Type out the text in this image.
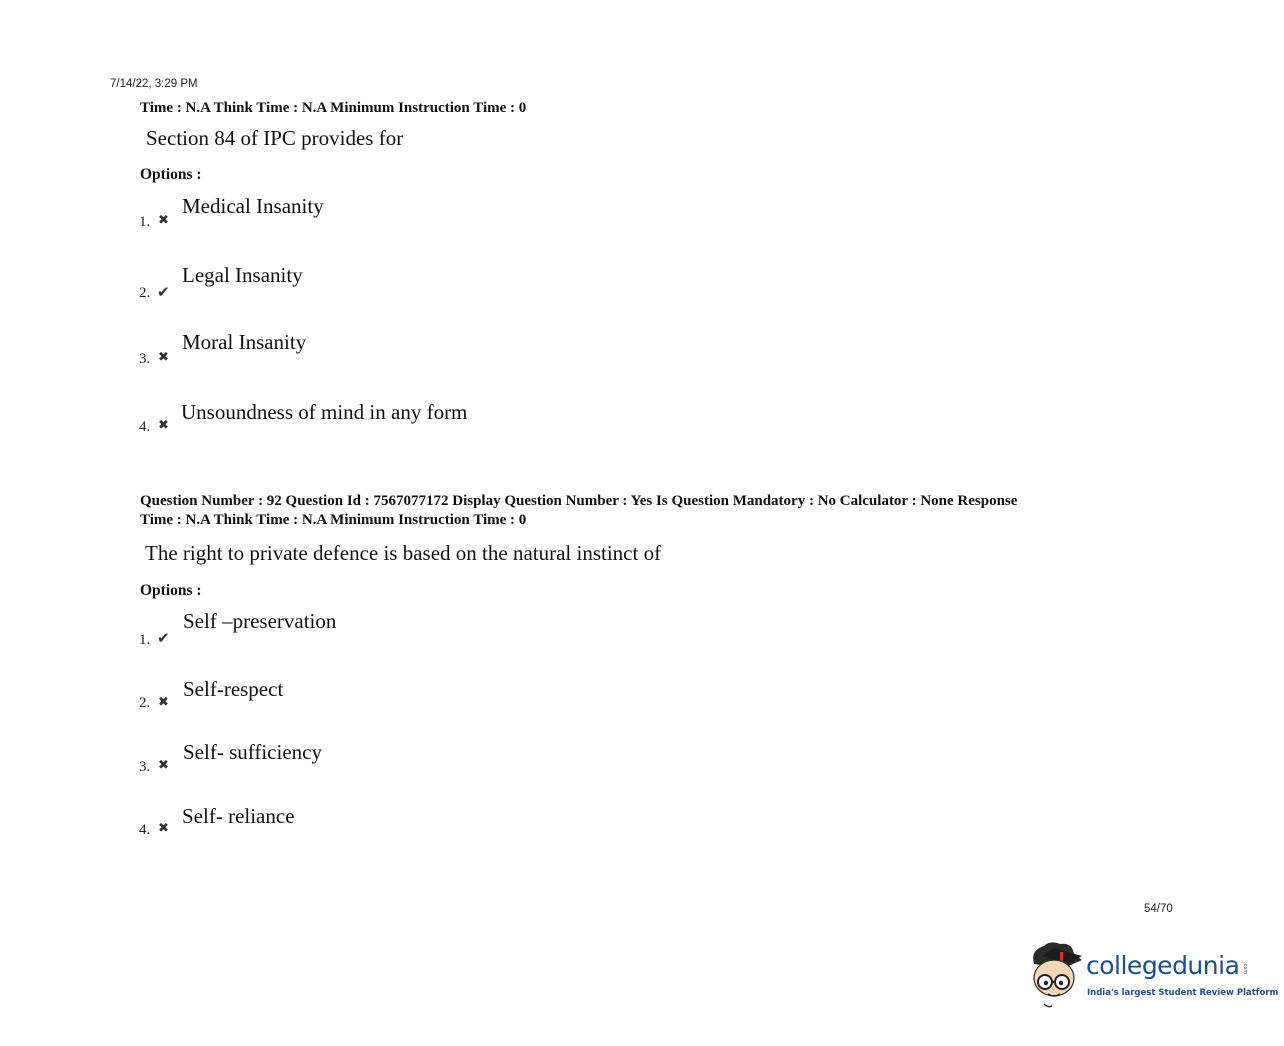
7/14/22, 3:29 PM
Time : N.A Think Time : N.A Minimum Instruction Time : 0
Section 84 of IPC provides for
Options :
1. ✖
Medical Insanity
2. ✔
Legal Insanity
3. ✖
Moral Insanity
4. ✖
Unsoundness of mind in any form
Question Number : 92 Question Id : 7567077172 Display Question Number : Yes Is Question Mandatory : No Calculator : None Response
Time : N.A Think Time : N.A Minimum Instruction Time : 0
The right to private defence is based on the natural instinct of
Options :
1. ✔
Self –preservation
2. ✖
Self-respect
3. ✖
Self- sufficiency
4. ✖ Self- reliance
54/70
collegedunia .com
India's largest Student Review Platform
